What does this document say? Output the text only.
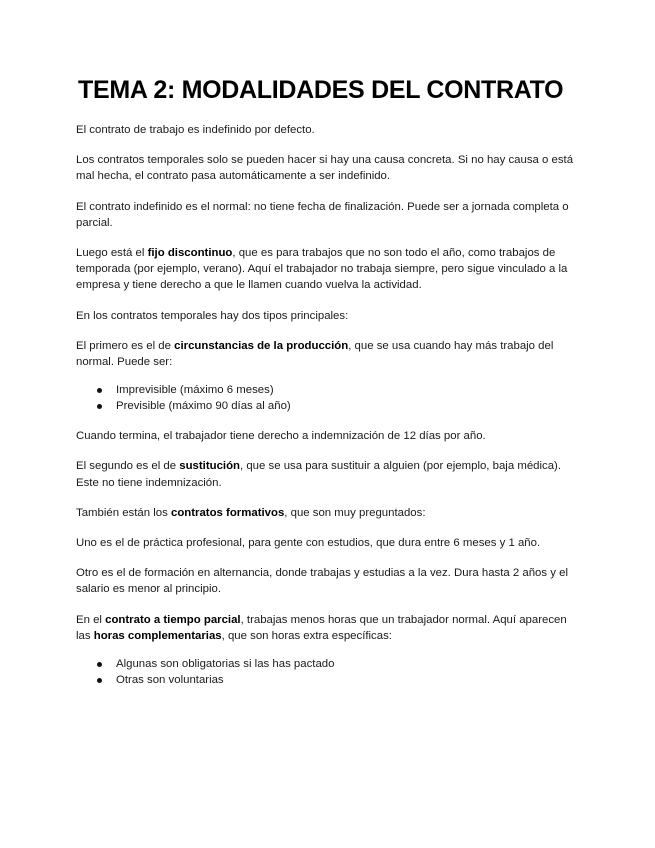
TEMA 2: MODALIDADES DEL CONTRATO

El contrato de trabajo es indefinido por defecto.

Los contratos temporales solo se pueden hacer si hay una causa concreta. Si no hay causa o está mal hecha, el contrato pasa automáticamente a ser indefinido.

El contrato indefinido es el normal: no tiene fecha de finalización. Puede ser a jornada completa o parcial.

Luego está el fijo discontinuo, que es para trabajos que no son todo el año, como trabajos de temporada (por ejemplo, verano). Aquí el trabajador no trabaja siempre, pero sigue vinculado a la empresa y tiene derecho a que le llamen cuando vuelva la actividad.

En los contratos temporales hay dos tipos principales:

El primero es el de circunstancias de la producción, que se usa cuando hay más trabajo del normal. Puede ser:

Imprevisible (máximo 6 meses)
Previsible (máximo 90 días al año)

Cuando termina, el trabajador tiene derecho a indemnización de 12 días por año.

El segundo es el de sustitución, que se usa para sustituir a alguien (por ejemplo, baja médica). Este no tiene indemnización.

También están los contratos formativos, que son muy preguntados:

Uno es el de práctica profesional, para gente con estudios, que dura entre 6 meses y 1 año.

Otro es el de formación en alternancia, donde trabajas y estudias a la vez. Dura hasta 2 años y el salario es menor al principio.

En el contrato a tiempo parcial, trabajas menos horas que un trabajador normal. Aquí aparecen las horas complementarias, que son horas extra específicas:

Algunas son obligatorias si las has pactado
Otras son voluntarias
